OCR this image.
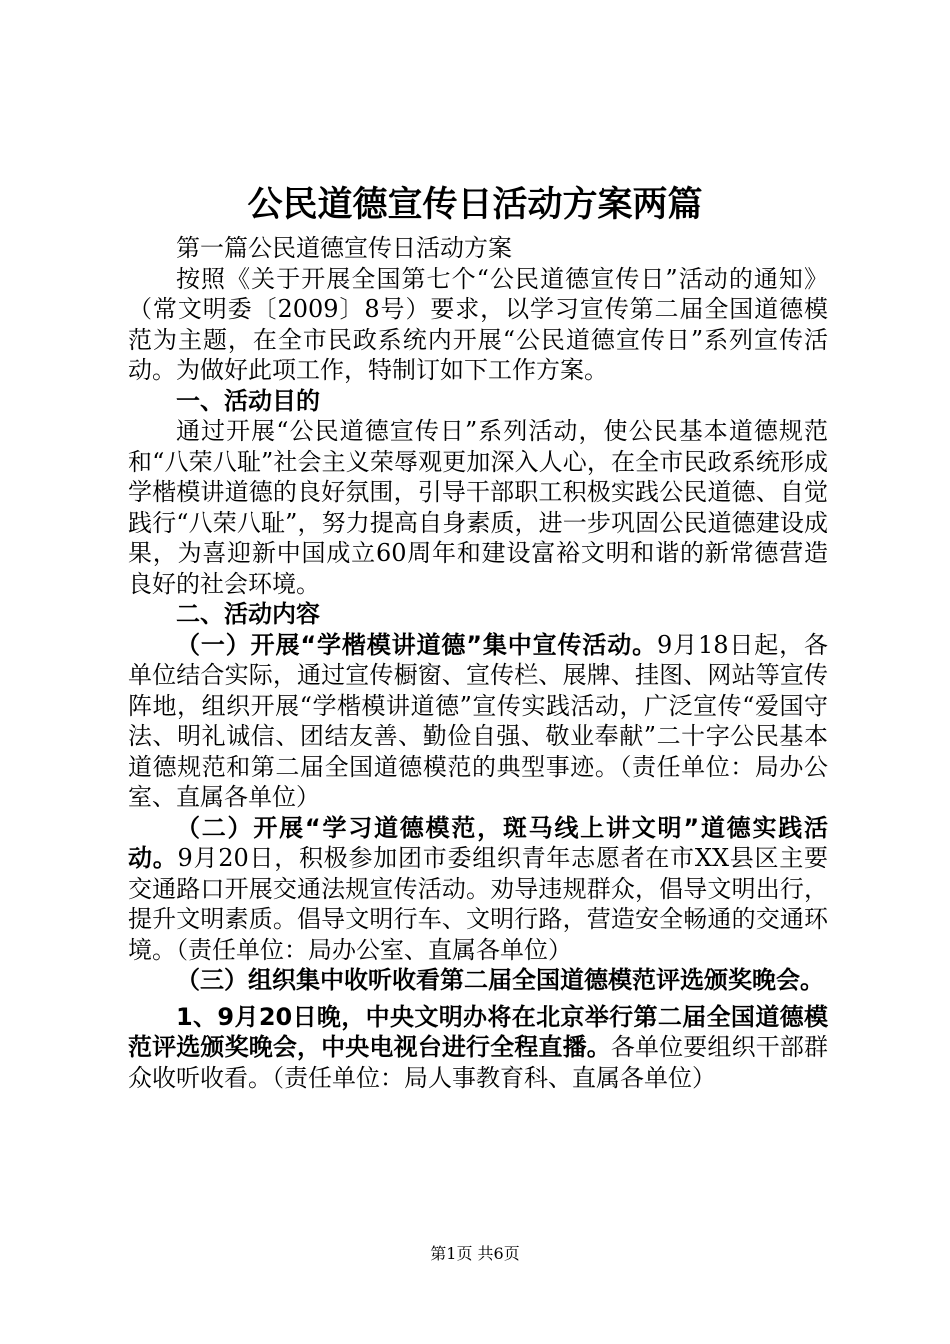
公民道德宣传日活动方案两篇

第一篇公民道德宣传日活动方案

按照《关于开展全国第七个“公民道德宣传日”活动的通知》（常文明委〔2009〕8号）要求，以学习宣传第二届全国道德模范为主题，在全市民政系统内开展“公民道德宣传日”系列宣传活动。为做好此项工作，特制订如下工作方案。

一、活动目的

通过开展“公民道德宣传日”系列活动，使公民基本道德规范和“八荣八耻”社会主义荣辱观更加深入人心，在全市民政系统形成学楷模讲道德的良好氛围，引导干部职工积极实践公民道德、自觉践行“八荣八耻”，努力提高自身素质，进一步巩固公民道德建设成果，为喜迎新中国成立60周年和建设富裕文明和谐的新常德营造良好的社会环境。

二、活动内容

（一）开展“学楷模讲道德”集中宣传活动。9月18日起，各单位结合实际，通过宣传橱窗、宣传栏、展牌、挂图、网站等宣传阵地，组织开展“学楷模讲道德”宣传实践活动，广泛宣传“爱国守法、明礼诚信、团结友善、勤俭自强、敬业奉献”二十字公民基本道德规范和第二届全国道德模范的典型事迹。（责任单位：局办公室、直属各单位）

（二）开展“学习道德模范，斑马线上讲文明”道德实践活动。9月20日，积极参加团市委组织青年志愿者在市XX县区主要交通路口开展交通法规宣传活动。劝导违规群众，倡导文明出行，提升文明素质。倡导文明行车、文明行路，营造安全畅通的交通环境。（责任单位：局办公室、直属各单位）

（三）组织集中收听收看第二届全国道德模范评选颁奖晚会。

1、9月20日晚，中央文明办将在北京举行第二届全国道德模范评选颁奖晚会，中央电视台进行全程直播。各单位要组织干部群众收听收看。（责任单位：局人事教育科、直属各单位）

第1页 共6页
